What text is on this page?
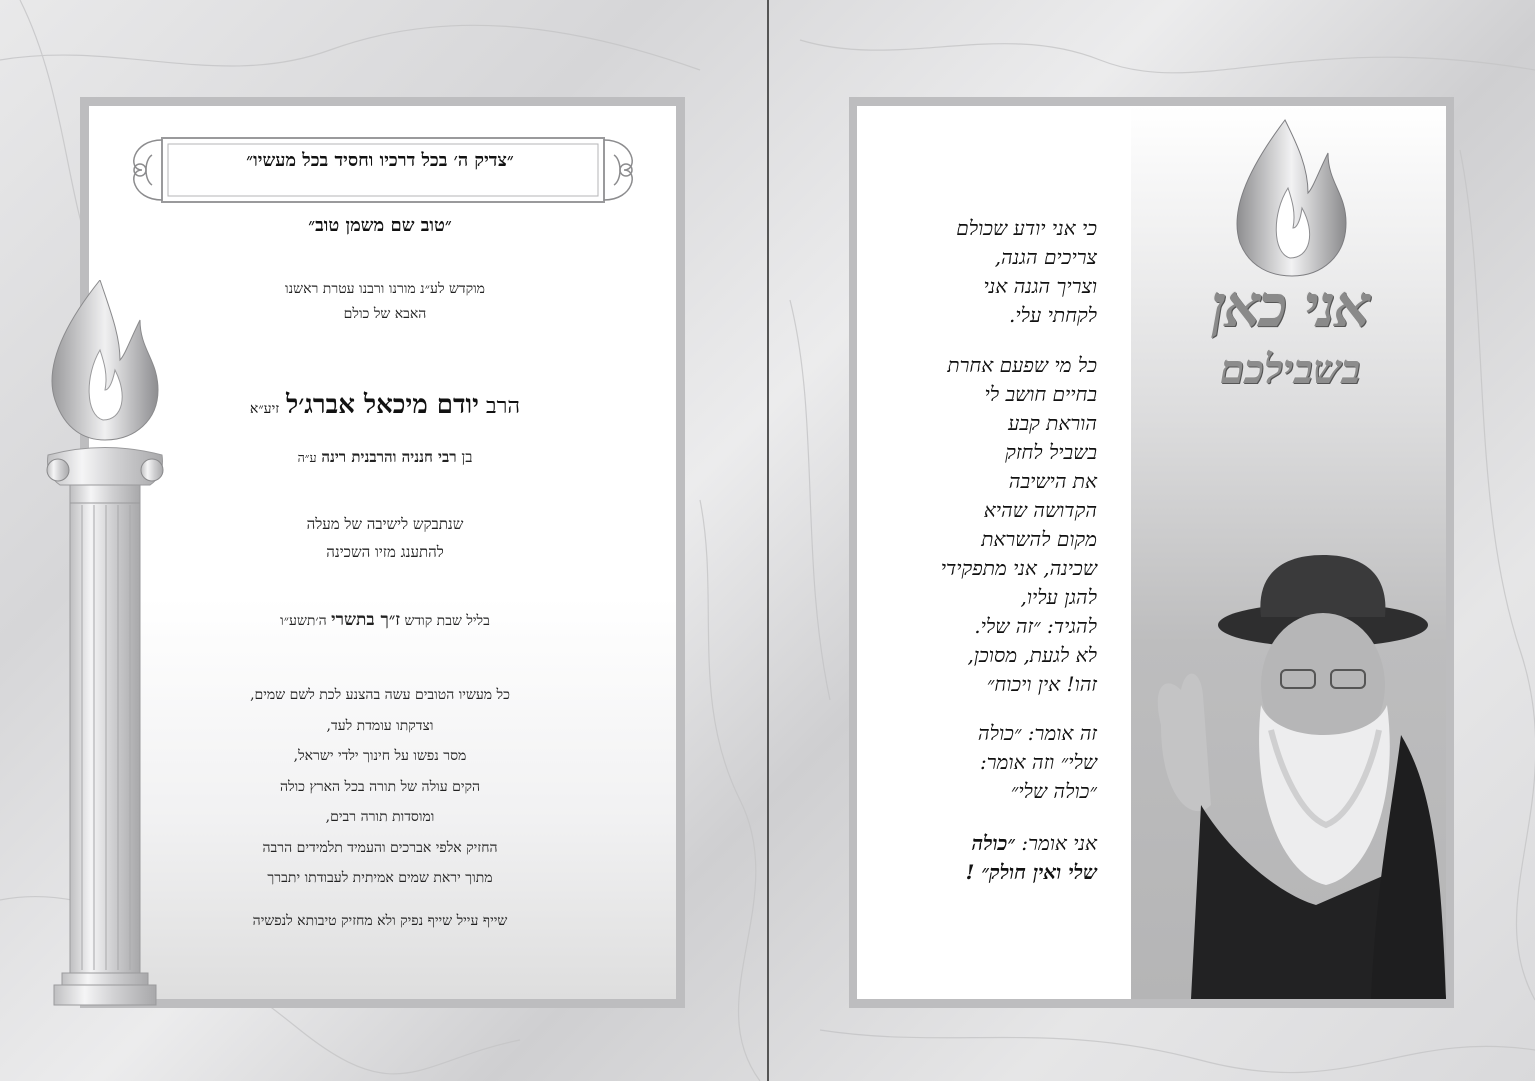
״צדיק ה׳ בכל דרכיו וחסיד בכל מעשיו״
״טוב שם משמן טוב״
מוקדש לע״נ מורנו ורבנו עטרת ראשנו
האבא של כולם
הרב יודם מיכאל אברג׳ל זיע״א
בן רבי חנניה והרבנית רינה ע״ה
שנתבקש לישיבה של מעלה
להתענג מזיו השכינה
בליל שבת קודש ז״ך בתשרי ה׳תשע״ו
כל מעשיו הטובים עשה בהצנע לכת לשם שמים,
וצדקתו עומדת לעד,
מסר נפשו על חינוך ילדי ישראל,
הקים עולה של תורה בכל הארץ כולה
ומוסדות תורה רבים,
החזיק אלפי אברכים והעמיד תלמידים הרבה
מתוך יראת שמים אמיתית לעבודתו יתברך
שייף עייל שייף נפיק ולא מחזיק טיבותא לנפשיה
אני כאן
בשבילכם
כי אני יודע שכולם
צריכים הגנה,
וצריך הגנה אני
לקחתי עלי.
כל מי שפעם אחרת
בחיים חושב לי
הוראת קבע
בשביל לחזק
את הישיבה
הקדושה שהיא
מקום להשראת
שכינה, אני מתפקידי
להגן עליו,
להגיד: ״זה שלי.
לא לגעת, מסוכן,
זהו! אין ויכוח״
זה אומר: ״כולה
שלי״ וזה אומר:
״כולה שלי״
אני אומר: ״כולה
שלי ואין חולק״ !
